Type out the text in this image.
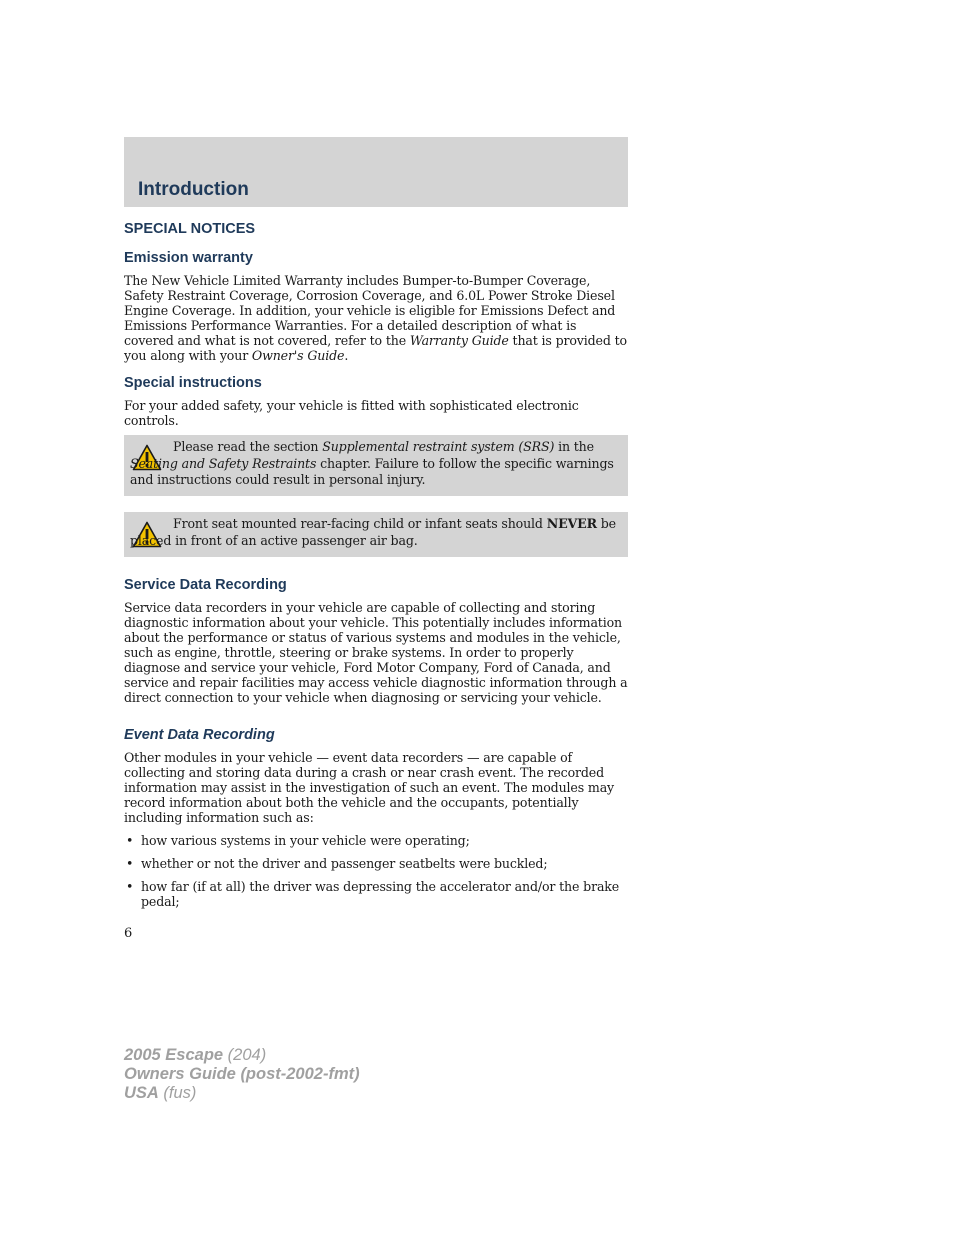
Introduction
SPECIAL NOTICES
Emission warranty
The New Vehicle Limited Warranty includes Bumper-to-Bumper Coverage, Safety Restraint Coverage, Corrosion Coverage, and 6.0L Power Stroke Diesel Engine Coverage. In addition, your vehicle is eligible for Emissions Defect and Emissions Performance Warranties. For a detailed description of what is covered and what is not covered, refer to the Warranty Guide that is provided to you along with your Owner's Guide.
Special instructions
For your added safety, your vehicle is fitted with sophisticated electronic controls.
Please read the section Supplemental restraint system (SRS) in the Seating and Safety Restraints chapter. Failure to follow the specific warnings and instructions could result in personal injury.
Front seat mounted rear-facing child or infant seats should NEVER be placed in front of an active passenger air bag.
Service Data Recording
Service data recorders in your vehicle are capable of collecting and storing diagnostic information about your vehicle. This potentially includes information about the performance or status of various systems and modules in the vehicle, such as engine, throttle, steering or brake systems. In order to properly diagnose and service your vehicle, Ford Motor Company, Ford of Canada, and service and repair facilities may access vehicle diagnostic information through a direct connection to your vehicle when diagnosing or servicing your vehicle.
Event Data Recording
Other modules in your vehicle — event data recorders — are capable of collecting and storing data during a crash or near crash event. The recorded information may assist in the investigation of such an event. The modules may record information about both the vehicle and the occupants, potentially including information such as:
• how various systems in your vehicle were operating;
• whether or not the driver and passenger seatbelts were buckled;
• how far (if at all) the driver was depressing the accelerator and/or the brake pedal;
6
2005 Escape (204)
Owners Guide (post-2002-fmt)
USA (fus)
